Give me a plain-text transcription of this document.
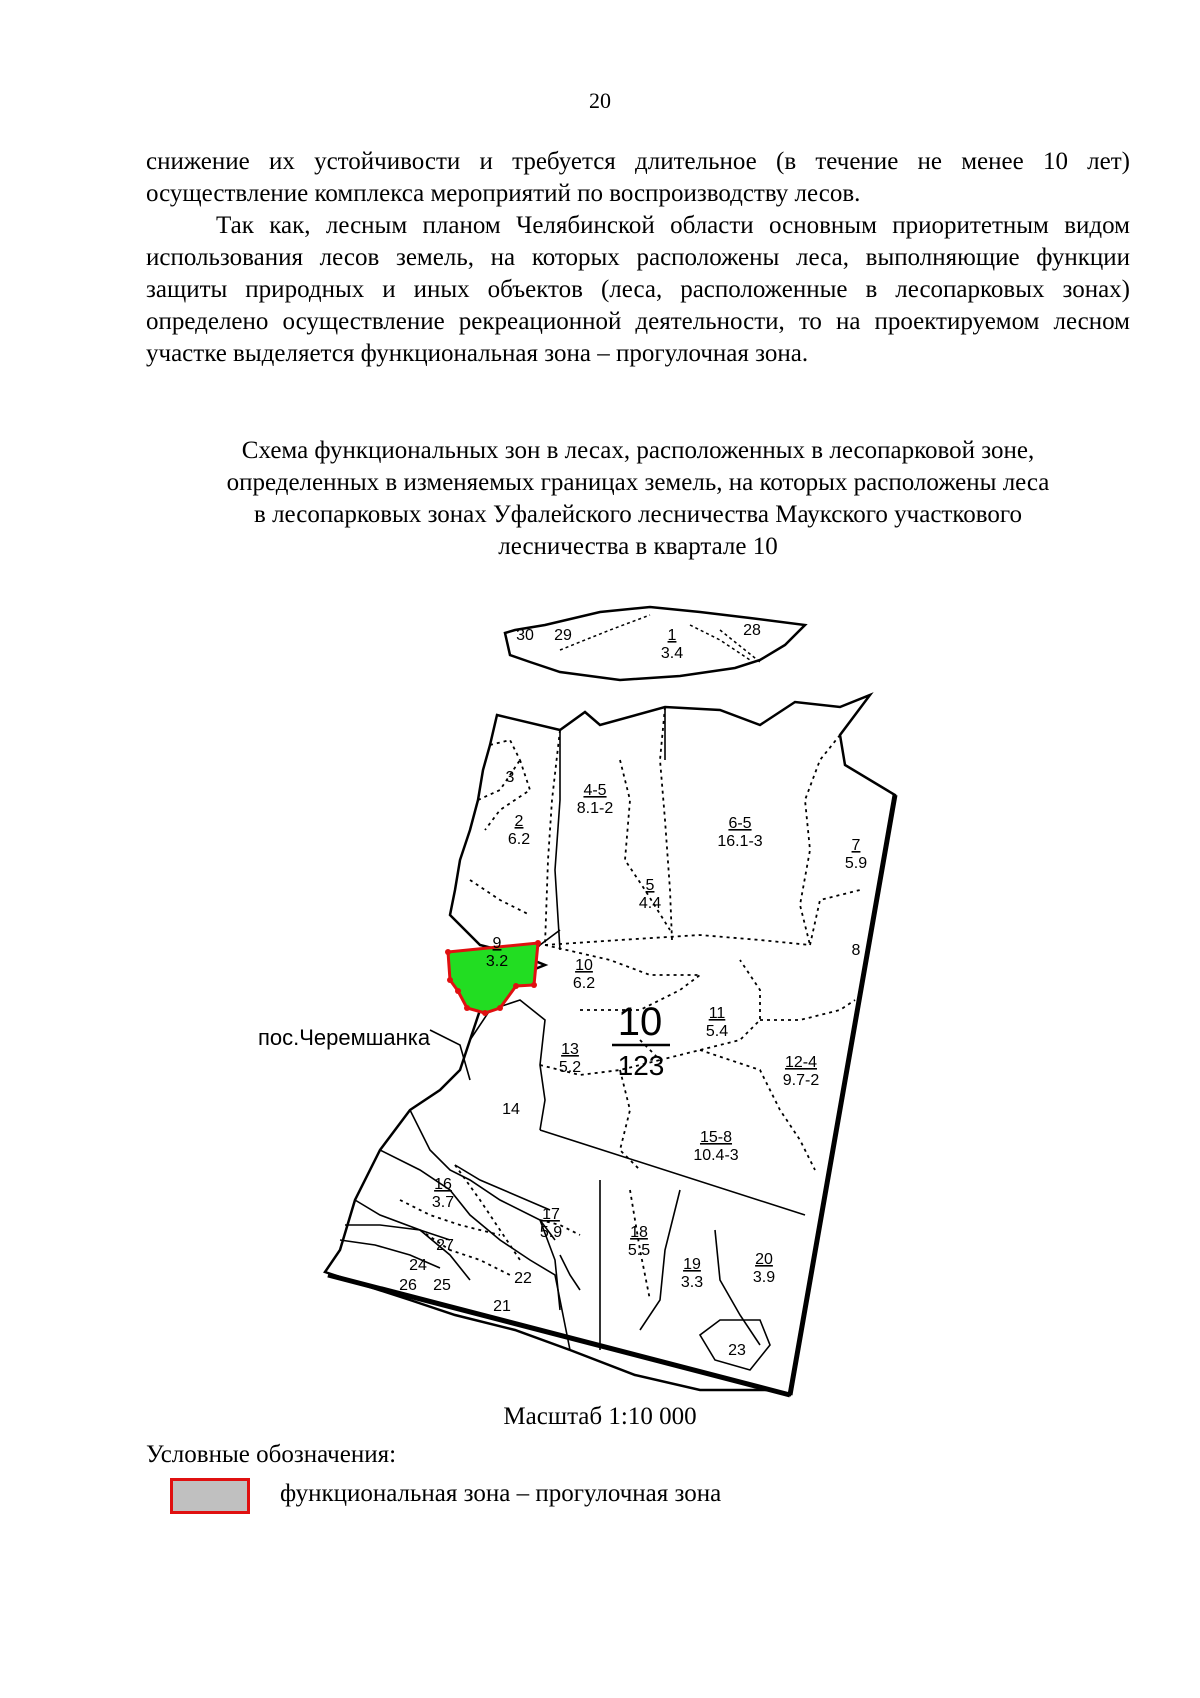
20

снижение их устойчивости и требуется длительное (в течение не менее 10 лет) осуществление комплекса мероприятий по воспроизводству лесов.

Так как, лесным планом Челябинской области основным приоритетным видом использования лесов земель, на которых расположены леса, выполняющие функции защиты природных и иных объектов (леса, расположенные в лесопарковых зонах) определено осуществление рекреационной деятельности, то на проектируемом лесном участке выделяется функциональная зона – прогулочная зона.

Схема функциональных зон в лесах, расположенных в лесопарковой зоне,
определенных в изменяемых границах земель, на которых расположены леса
в лесопарковых зонах Уфалейского лесничества Маукского участкового
лесничества в квартале 10
10
123
пос.Черемшанка
30 29	1
3.4
28
3
2
6.2
4-5
8.1-2
6-5
16.1-3
5
4.4
7
5.9
8
9
3.2	10
6.2
11
5.4
12-4
9.7-2
13
5.2
14
15-8
10.4-3
16
3.7
17
5.9	18
5.5
19
3.3
20
3.9
21
22
23
24
25
26
27
Масштаб 1:10 000
Условные обозначения:
функциональная зона – прогулочная зона
